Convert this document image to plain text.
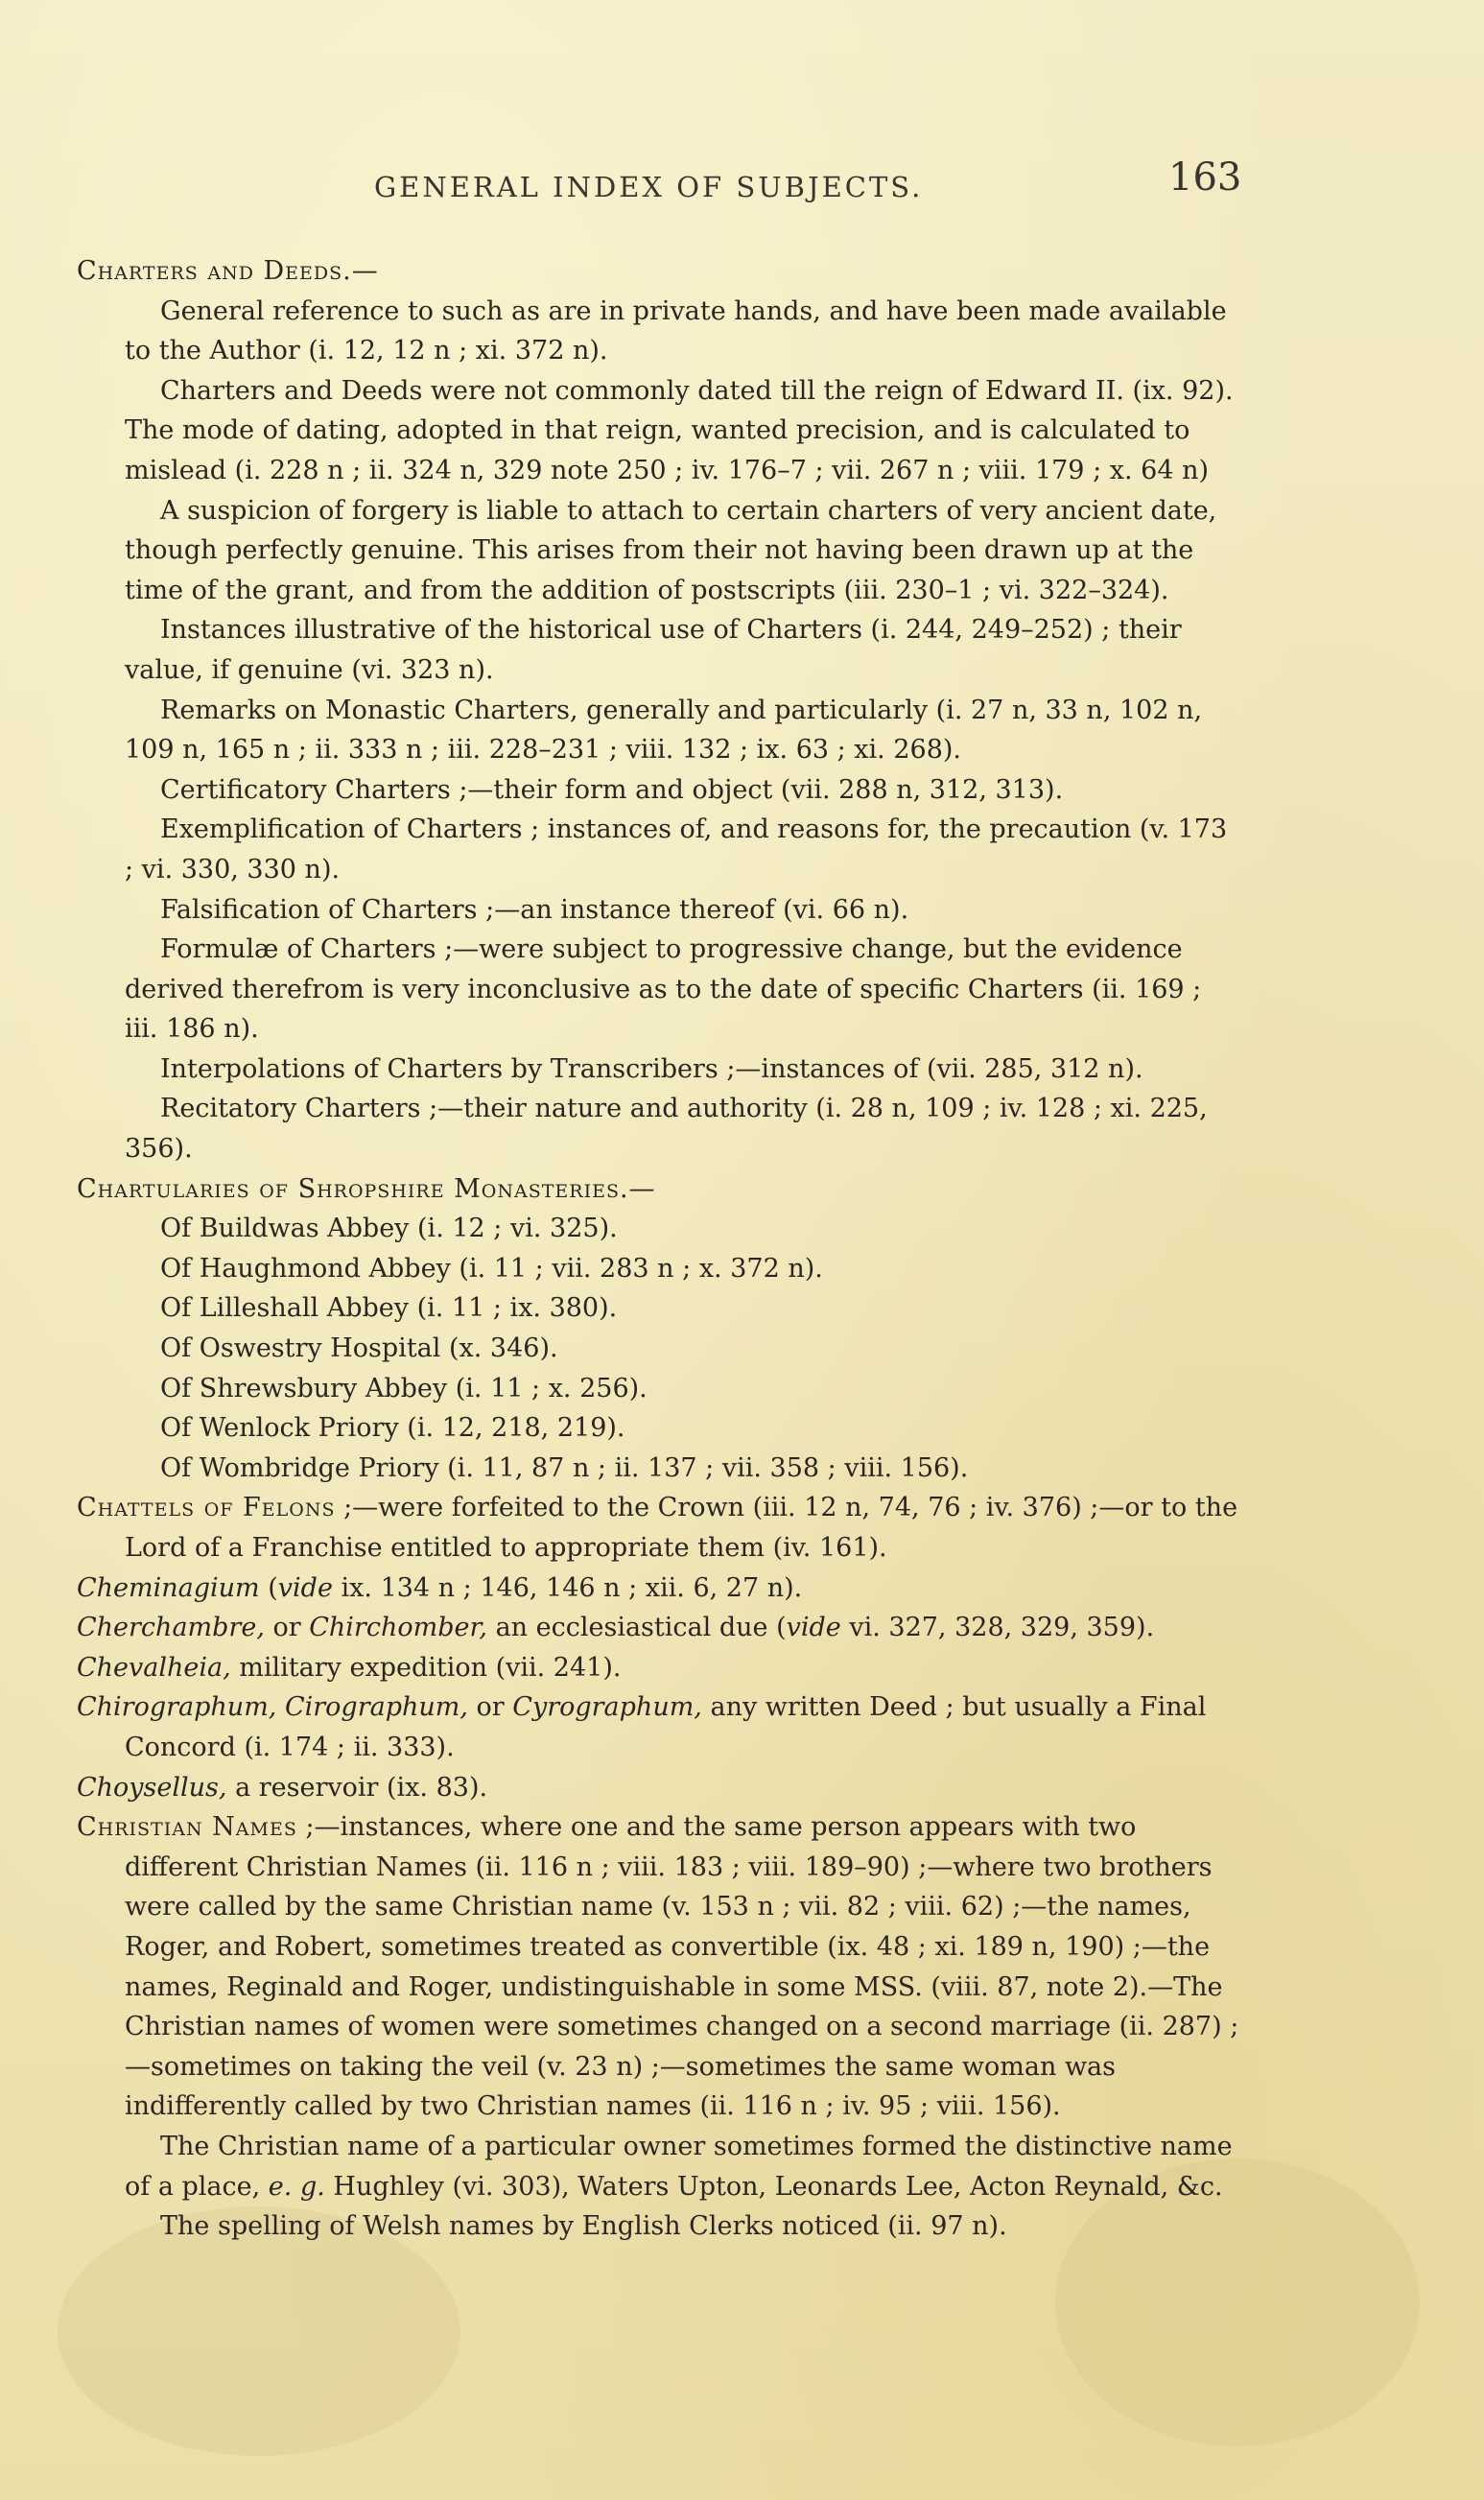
GENERAL INDEX OF SUBJECTS.	163

Charters and Deeds.—

General reference to such as are in private hands, and have been made available to the Author (i. 12, 12 n ; xi. 372 n).

Charters and Deeds were not commonly dated till the reign of Edward II. (ix. 92). The mode of dating, adopted in that reign, wanted precision, and is calculated to mislead (i. 228 n ; ii. 324 n, 329 note 250 ; iv. 176–7 ; vii. 267 n ; viii. 179 ; x. 64 n)

A suspicion of forgery is liable to attach to certain charters of very ancient date, though perfectly genuine. This arises from their not having been drawn up at the time of the grant, and from the addition of postscripts (iii. 230–1 ; vi. 322–324).

Instances illustrative of the historical use of Charters (i. 244, 249–252) ; their value, if genuine (vi. 323 n).

Remarks on Monastic Charters, generally and particularly (i. 27 n, 33 n, 102 n, 109 n, 165 n ; ii. 333 n ; iii. 228–231 ; viii. 132 ; ix. 63 ; xi. 268).

Certificatory Charters ;—their form and object (vii. 288 n, 312, 313).

Exemplification of Charters ; instances of, and reasons for, the precaution (v. 173 ; vi. 330, 330 n).

Falsification of Charters ;—an instance thereof (vi. 66 n).

Formulæ of Charters ;—were subject to progressive change, but the evidence derived therefrom is very inconclusive as to the date of specific Charters (ii. 169 ; iii. 186 n).

Interpolations of Charters by Transcribers ;—instances of (vii. 285, 312 n).

Recitatory Charters ;—their nature and authority (i. 28 n, 109 ; iv. 128 ; xi. 225, 356).

Chartularies of Shropshire Monasteries.—

Of Buildwas Abbey (i. 12 ; vi. 325).

Of Haughmond Abbey (i. 11 ; vii. 283 n ; x. 372 n).

Of Lilleshall Abbey (i. 11 ; ix. 380).

Of Oswestry Hospital (x. 346).

Of Shrewsbury Abbey (i. 11 ; x. 256).

Of Wenlock Priory (i. 12, 218, 219).

Of Wombridge Priory (i. 11, 87 n ; ii. 137 ; vii. 358 ; viii. 156).

Chattels of Felons ;—were forfeited to the Crown (iii. 12 n, 74, 76 ; iv. 376) ;—or to the Lord of a Franchise entitled to appropriate them (iv. 161).

Cheminagium (vide ix. 134 n ; 146, 146 n ; xii. 6, 27 n).

Cherchambre, or Chirchomber, an ecclesiastical due (vide vi. 327, 328, 329, 359).

Chevalheia, military expedition (vii. 241).

Chirographum, Cirographum, or Cyrographum, any written Deed ; but usually a Final Concord (i. 174 ; ii. 333).

Choysellus, a reservoir (ix. 83).

Christian Names ;—instances, where one and the same person appears with two different Christian Names (ii. 116 n ; viii. 183 ; viii. 189–90) ;—where two brothers were called by the same Christian name (v. 153 n ; vii. 82 ; viii. 62) ;—the names, Roger, and Robert, sometimes treated as convertible (ix. 48 ; xi. 189 n, 190) ;—the names, Reginald and Roger, undistinguishable in some MSS. (viii. 87, note 2).—The Christian names of women were sometimes changed on a second marriage (ii. 287) ;—sometimes on taking the veil (v. 23 n) ;—sometimes the same woman was indifferently called by two Christian names (ii. 116 n ; iv. 95 ; viii. 156).

The Christian name of a particular owner sometimes formed the distinctive name of a place, e. g. Hughley (vi. 303), Waters Upton, Leonards Lee, Acton Reynald, &c.

The spelling of Welsh names by English Clerks noticed (ii. 97 n).
